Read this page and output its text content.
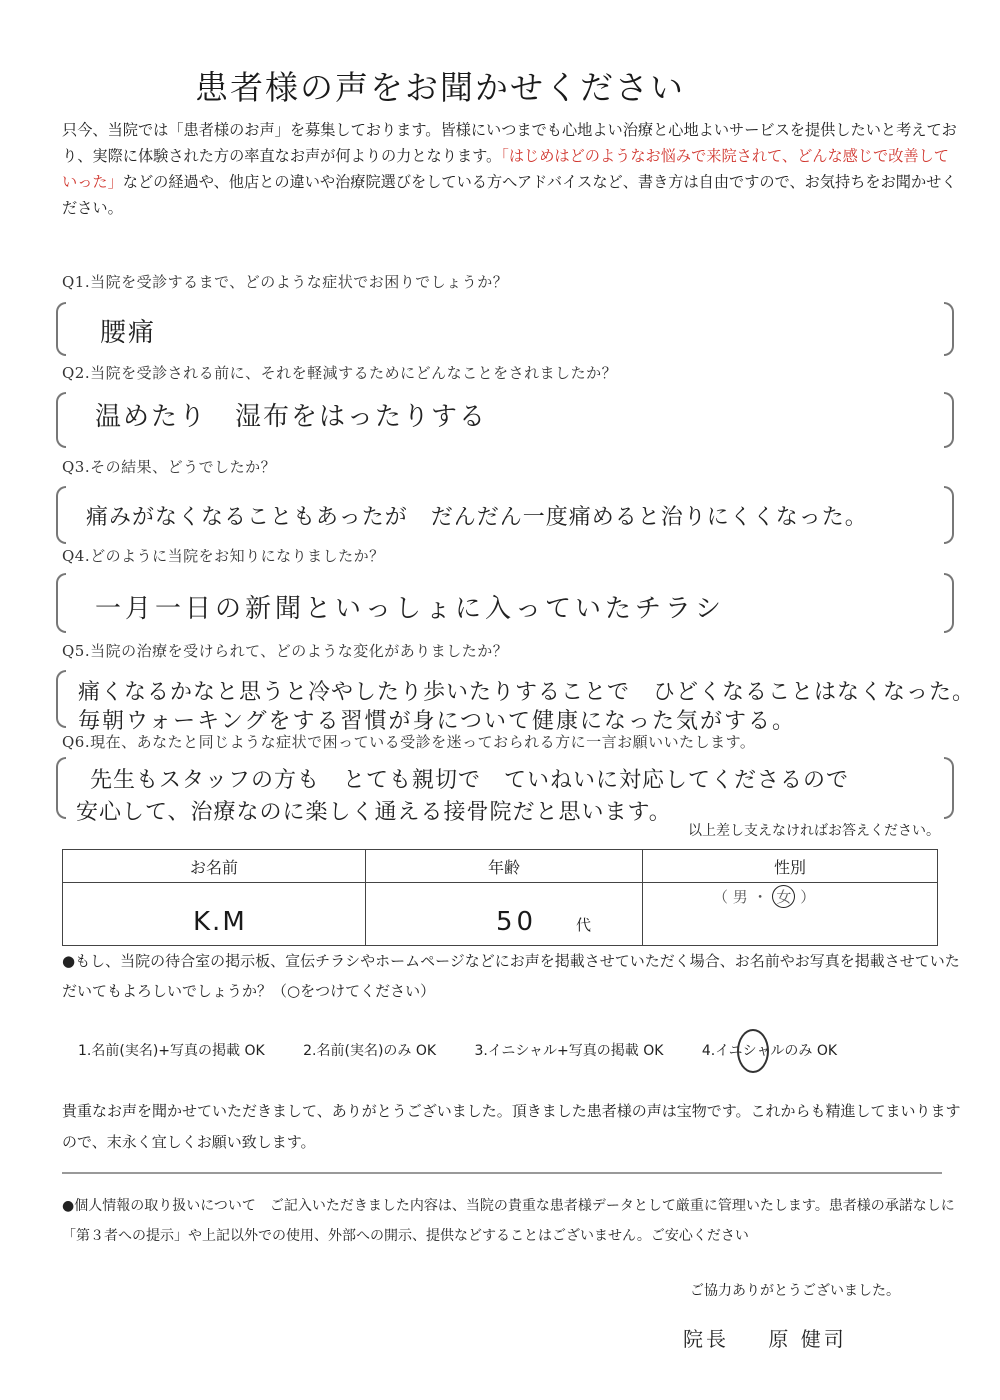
患者様の声をお聞かせください
只今、当院では「患者様のお声」を募集しております。皆様にいつまでも心地よい治療と心地よいサービスを提供したいと考えており、実際に体験された方の率直なお声が何よりの力となります。「はじめはどのようなお悩みで来院されて、どんな感じで改善していった」などの経過や、他店との違いや治療院選びをしている方へアドバイスなど、書き方は自由ですので、お気持ちをお聞かせください。
Q1.当院を受診するまで、どのような症状でお困りでしょうか？
腰痛
Q2.当院を受診される前に、それを軽減するためにどんなことをされましたか？
温めたり　湿布をはったりする
Q3.その結果、どうでしたか？
痛みがなくなることもあったが　だんだん一度痛めると治りにくくなった。
Q4.どのように当院をお知りになりましたか？
一月一日の新聞といっしょに入っていたチラシ
Q5.当院の治療を受けられて、どのような変化がありましたか？
痛くなるかなと思うと冷やしたり歩いたりすることで　ひどくなることはなくなった。
毎朝ウォーキングをする習慣が身について健康になった気がする。
Q6.現在、あなたと同じような症状で困っている受診を迷っておられる方に一言お願いいたします。
先生もスタッフの方も　とても親切で　ていねいに対応してくださるので
安心して、治療なのに楽しく通える接骨院だと思います。
以上差し支えなければお答えください。
お名前	年齢	性別

K.M	50 代	（ 男 ・ 女 ）
●もし、当院の待合室の掲示板、宣伝チラシやホームページなどにお声を掲載させていただく場合、お名前やお写真を掲載させていただいてもよろしいでしょうか？（○をつけてください）
1.名前(実名)+写真の掲載 OK	2.名前(実名)のみ OK	3.イニシャル+写真の掲載 OK	4.イニシャルのみ OK
貴重なお声を聞かせていただきまして、ありがとうございました。頂きました患者様の声は宝物です。これからも精進してまいりますので、末永く宜しくお願い致します。
●個人情報の取り扱いについて　ご記入いただきました内容は、当院の貴重な患者様データとして厳重に管理いたします。患者様の承諾なしに「第３者への提示」や上記以外での使用、外部への開示、提供などすることはございません。ご安心ください
ご協力ありがとうございました。
院長 原 健司
